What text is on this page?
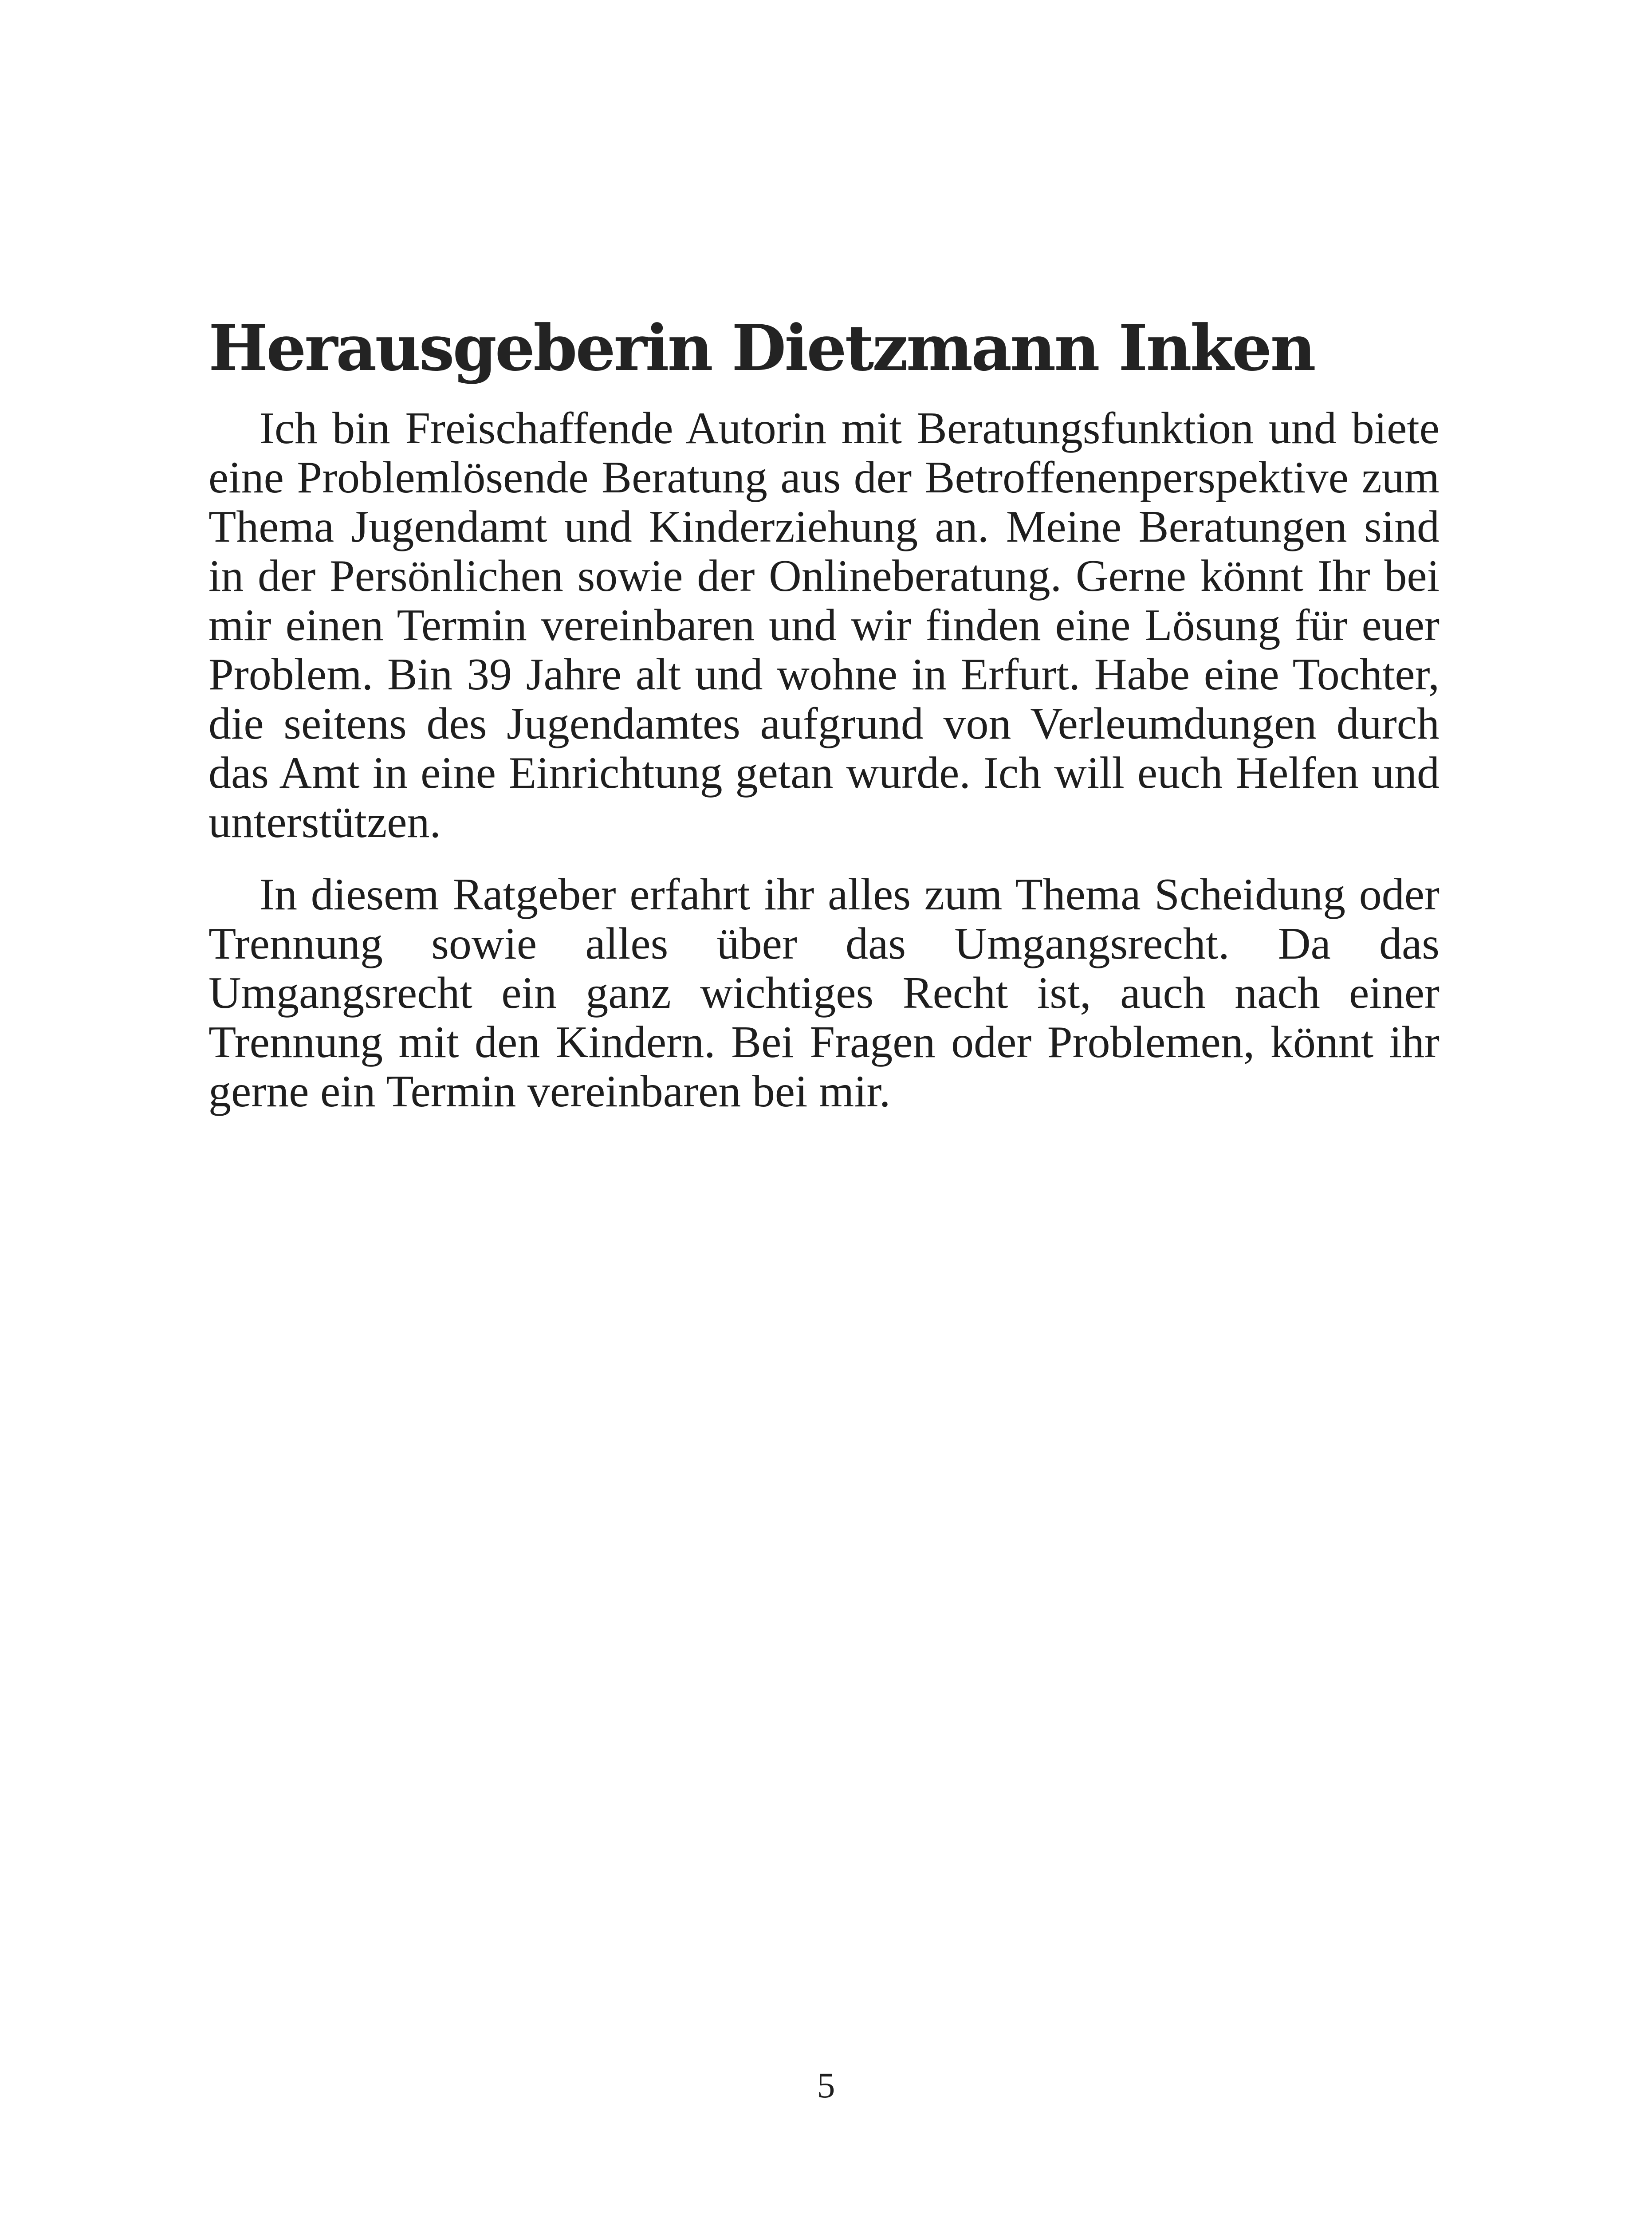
Herausgeberin Dietzmann Inken

Ich bin Freischaffende Autorin mit Beratungsfunktion und biete eine Problemlösende Beratung aus der Betroffenenperspektive zum Thema Jugendamt und Kinderziehung an. Meine Beratungen sind in der Persönlichen sowie der Onlineberatung. Gerne könnt Ihr bei mir einen Termin vereinbaren und wir finden eine Lösung für euer Problem. Bin 39 Jahre alt und wohne in Erfurt. Habe eine Tochter, die seitens des Jugendamtes aufgrund von Verleumdungen durch das Amt in eine Einrichtung getan wurde. Ich will euch Helfen und unterstützen.

In diesem Ratgeber erfahrt ihr alles zum Thema Scheidung oder Trennung sowie alles über das Umgangsrecht. Da das Umgangsrecht ein ganz wichtiges Recht ist, auch nach einer Trennung mit den Kindern. Bei Fragen oder Problemen, könnt ihr gerne ein Termin vereinbaren bei mir.

5
